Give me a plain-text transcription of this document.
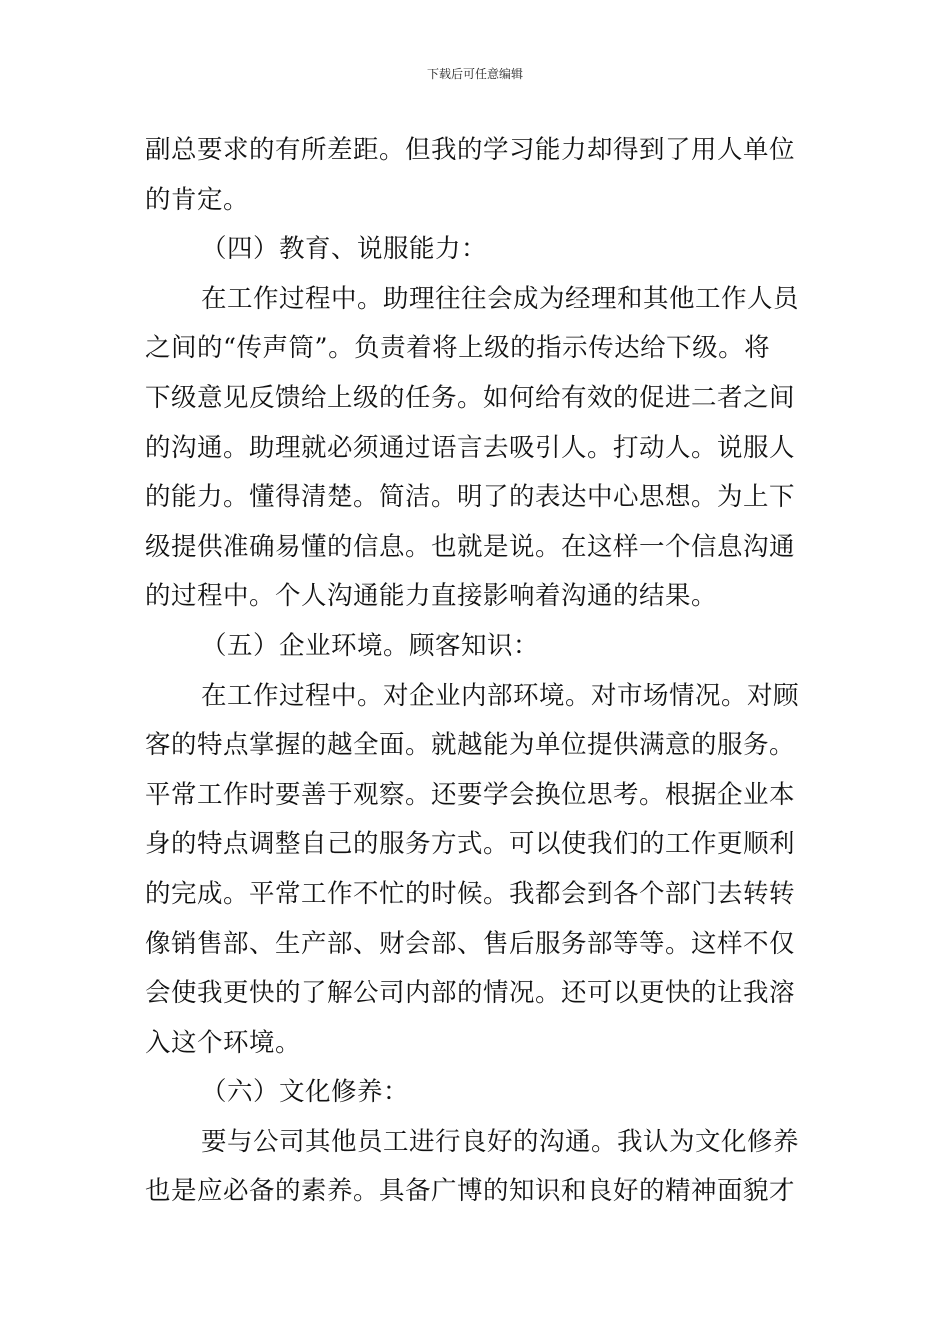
下载后可任意编辑
副总要求的有所差距。但我的学习能力却得到了用人单位
的肯定。
（四）教育、说服能力：
在工作过程中。助理往往会成为经理和其他工作人员
之间的“传声筒”。负责着将上级的指示传达给下级。将
下级意见反馈给上级的任务。如何给有效的促进二者之间
的沟通。助理就必须通过语言去吸引人。打动人。说服人
的能力。懂得清楚。简洁。明了的表达中心思想。为上下
级提供准确易懂的信息。也就是说。在这样一个信息沟通
的过程中。个人沟通能力直接影响着沟通的结果。
（五）企业环境。顾客知识：
在工作过程中。对企业内部环境。对市场情况。对顾
客的特点掌握的越全面。就越能为单位提供满意的服务。
平常工作时要善于观察。还要学会换位思考。根据企业本
身的特点调整自己的服务方式。可以使我们的工作更顺利
的完成。平常工作不忙的时候。我都会到各个部门去转转
像销售部、生产部、财会部、售后服务部等等。这样不仅
会使我更快的了解公司内部的情况。还可以更快的让我溶
入这个环境。
（六）文化修养：
要与公司其他员工进行良好的沟通。我认为文化修养
也是应必备的素养。具备广博的知识和良好的精神面貌才
